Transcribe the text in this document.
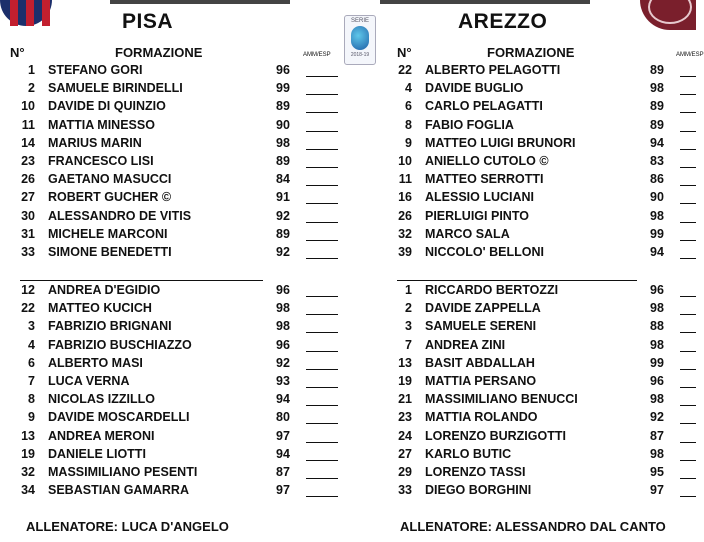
PISA	AREZZO
SERIE
2018-19
N°	FORMAZIONE	AMM/ESP	N°	FORMAZIONE	AMM/ESP
1 STEFANO GORI	96
2 SAMUELE BIRINDELLI	99
10 DAVIDE DI QUINZIO	89
11 MATTIA MINESSO	90
14 MARIUS MARIN	98
23 FRANCESCO LISI	89
26 GAETANO MASUCCI	84
27 ROBERT GUCHER ©	91
30 ALESSANDRO DE VITIS	92
31 MICHELE MARCONI	89
33 SIMONE BENEDETTI	92
12 ANDREA D'EGIDIO	96
22 MATTEO KUCICH	98
3 FABRIZIO BRIGNANI	98
4 FABRIZIO BUSCHIAZZO	96
6 ALBERTO MASI	92
7 LUCA VERNA	93
8 NICOLAS IZZILLO	94
9 DAVIDE MOSCARDELLI	80
13 ANDREA MERONI	97
19 DANIELE LIOTTI	94
32 MASSIMILIANO PESENTI	87
34 SEBASTIAN GAMARRA	97
22 ALBERTO PELAGOTTI	89
4 DAVIDE BUGLIO	98
6 CARLO PELAGATTI	89
8 FABIO FOGLIA	89
9 MATTEO LUIGI BRUNORI	94
10 ANIELLO CUTOLO ©	83
11 MATTEO SERROTTI	86
16 ALESSIO LUCIANI	90
26 PIERLUIGI PINTO	98
32 MARCO SALA	99
39 NICCOLO' BELLONI	94
1 RICCARDO BERTOZZI	96
2 DAVIDE ZAPPELLA	98
3 SAMUELE SERENI	88
7 ANDREA ZINI	98
13 BASIT ABDALLAH	99
19 MATTIA PERSANO	96
21 MASSIMILIANO BENUCCI	98
23 MATTIA ROLANDO	92
24 LORENZO BURZIGOTTI	87
27 KARLO BUTIC	98
29 LORENZO TASSI	95
33 DIEGO BORGHINI	97
ALLENATORE: LUCA D'ANGELO	ALLENATORE: ALESSANDRO DAL CANTO
